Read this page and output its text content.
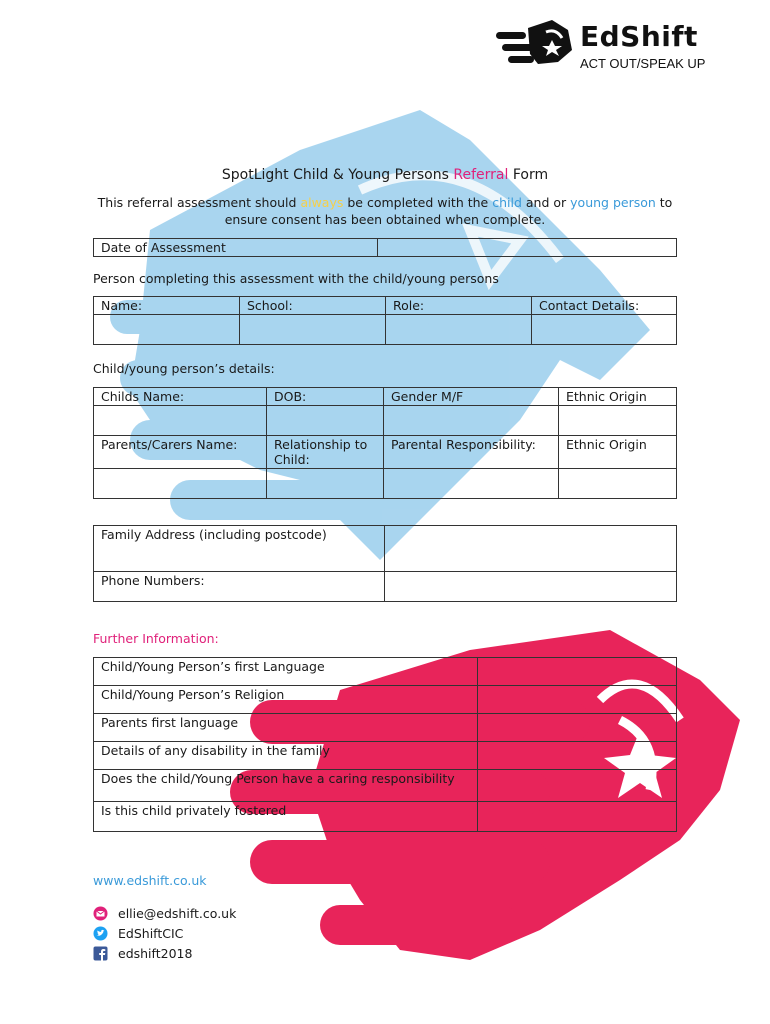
EdShift
ACT OUT/SPEAK UP
SpotLight Child & Young Persons Referral Form
This referral assessment should always be completed with the child and or young person to ensure consent has been obtained when complete.
Date of Assessment	
Person completing this assessment with the child/young persons
Name:	School:	Role:	Contact Details:

Child/young person’s details:
Childs Name:	DOB:	Gender M/F	Ethnic Origin

Parents/Carers Name:	Relationship to Child:	Parental Responsibility:	Ethnic Origin

Family Address (including postcode)	
Phone Numbers:	
Further Information:
Child/Young Person’s first Language	
Child/Young Person’s Religion	
Parents first language	
Details of any disability in the family	
Does the child/Young Person have a caring responsibility	
Is this child privately fostered	
www.edshift.co.uk
ellie@edshift.co.uk
EdShiftCIC
edshift2018
